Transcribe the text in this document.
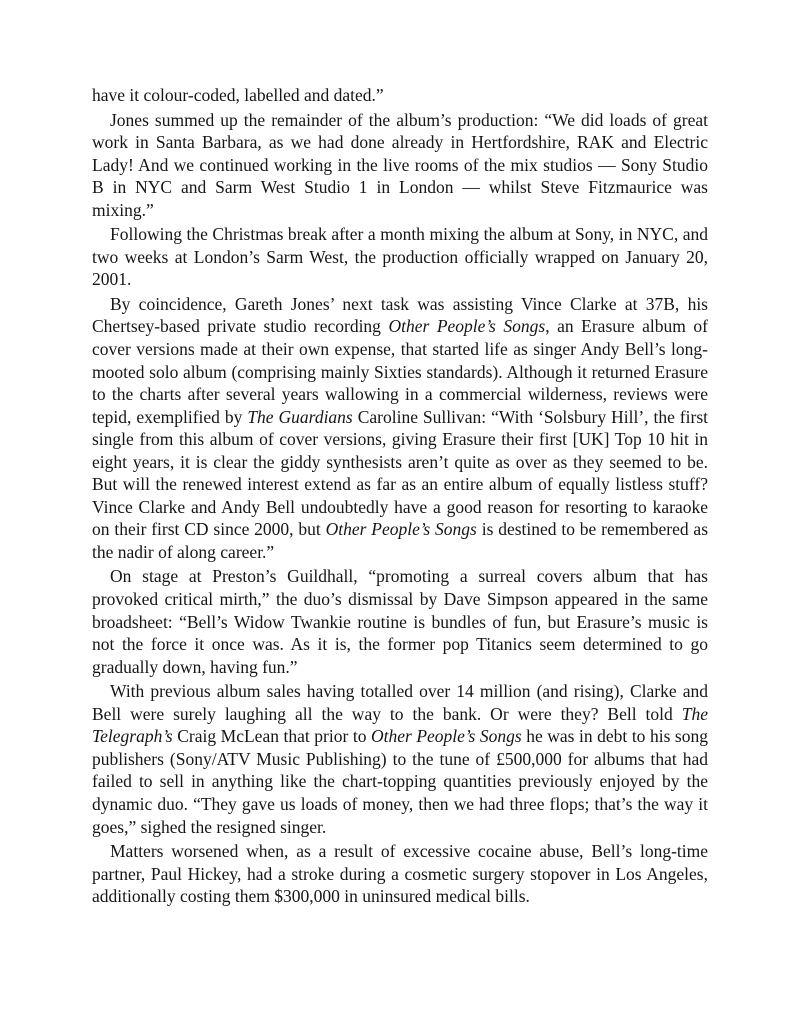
have it colour-coded, labelled and dated.”

Jones summed up the remainder of the album’s production: “We did loads of great work in Santa Barbara, as we had done already in Hertfordshire, RAK and Electric Lady! And we continued working in the live rooms of the mix studios — Sony Studio B in NYC and Sarm West Studio 1 in London — whilst Steve Fitzmaurice was mixing.”

Following the Christmas break after a month mixing the album at Sony, in NYC, and two weeks at London’s Sarm West, the production officially wrapped on January 20, 2001.

By coincidence, Gareth Jones’ next task was assisting Vince Clarke at 37B, his Chertsey-based private studio recording Other People’s Songs, an Erasure album of cover versions made at their own expense, that started life as singer Andy Bell’s long-mooted solo album (comprising mainly Sixties standards). Although it returned Erasure to the charts after several years wallowing in a commercial wilderness, reviews were tepid, exemplified by The Guardians Caroline Sullivan: “With ‘Solsbury Hill’, the first single from this album of cover versions, giving Erasure their first [UK] Top 10 hit in eight years, it is clear the giddy synthesists aren’t quite as over as they seemed to be. But will the renewed interest extend as far as an entire album of equally listless stuff? Vince Clarke and Andy Bell undoubtedly have a good reason for resorting to karaoke on their first CD since 2000, but Other People’s Songs is destined to be remembered as the nadir of along career.”

On stage at Preston’s Guildhall, “promoting a surreal covers album that has provoked critical mirth,” the duo’s dismissal by Dave Simpson appeared in the same broadsheet: “Bell’s Widow Twankie routine is bundles of fun, but Erasure’s music is not the force it once was. As it is, the former pop Titanics seem determined to go gradually down, having fun.”

With previous album sales having totalled over 14 million (and rising), Clarke and Bell were surely laughing all the way to the bank. Or were they? Bell told The Telegraph’s Craig McLean that prior to Other People’s Songs he was in debt to his song publishers (Sony/ATV Music Publishing) to the tune of £500,000 for albums that had failed to sell in anything like the chart-topping quantities previously enjoyed by the dynamic duo. “They gave us loads of money, then we had three flops; that’s the way it goes,” sighed the resigned singer.

Matters worsened when, as a result of excessive cocaine abuse, Bell’s long-time partner, Paul Hickey, had a stroke during a cosmetic surgery stopover in Los Angeles, additionally costing them $300,000 in uninsured medical bills.
